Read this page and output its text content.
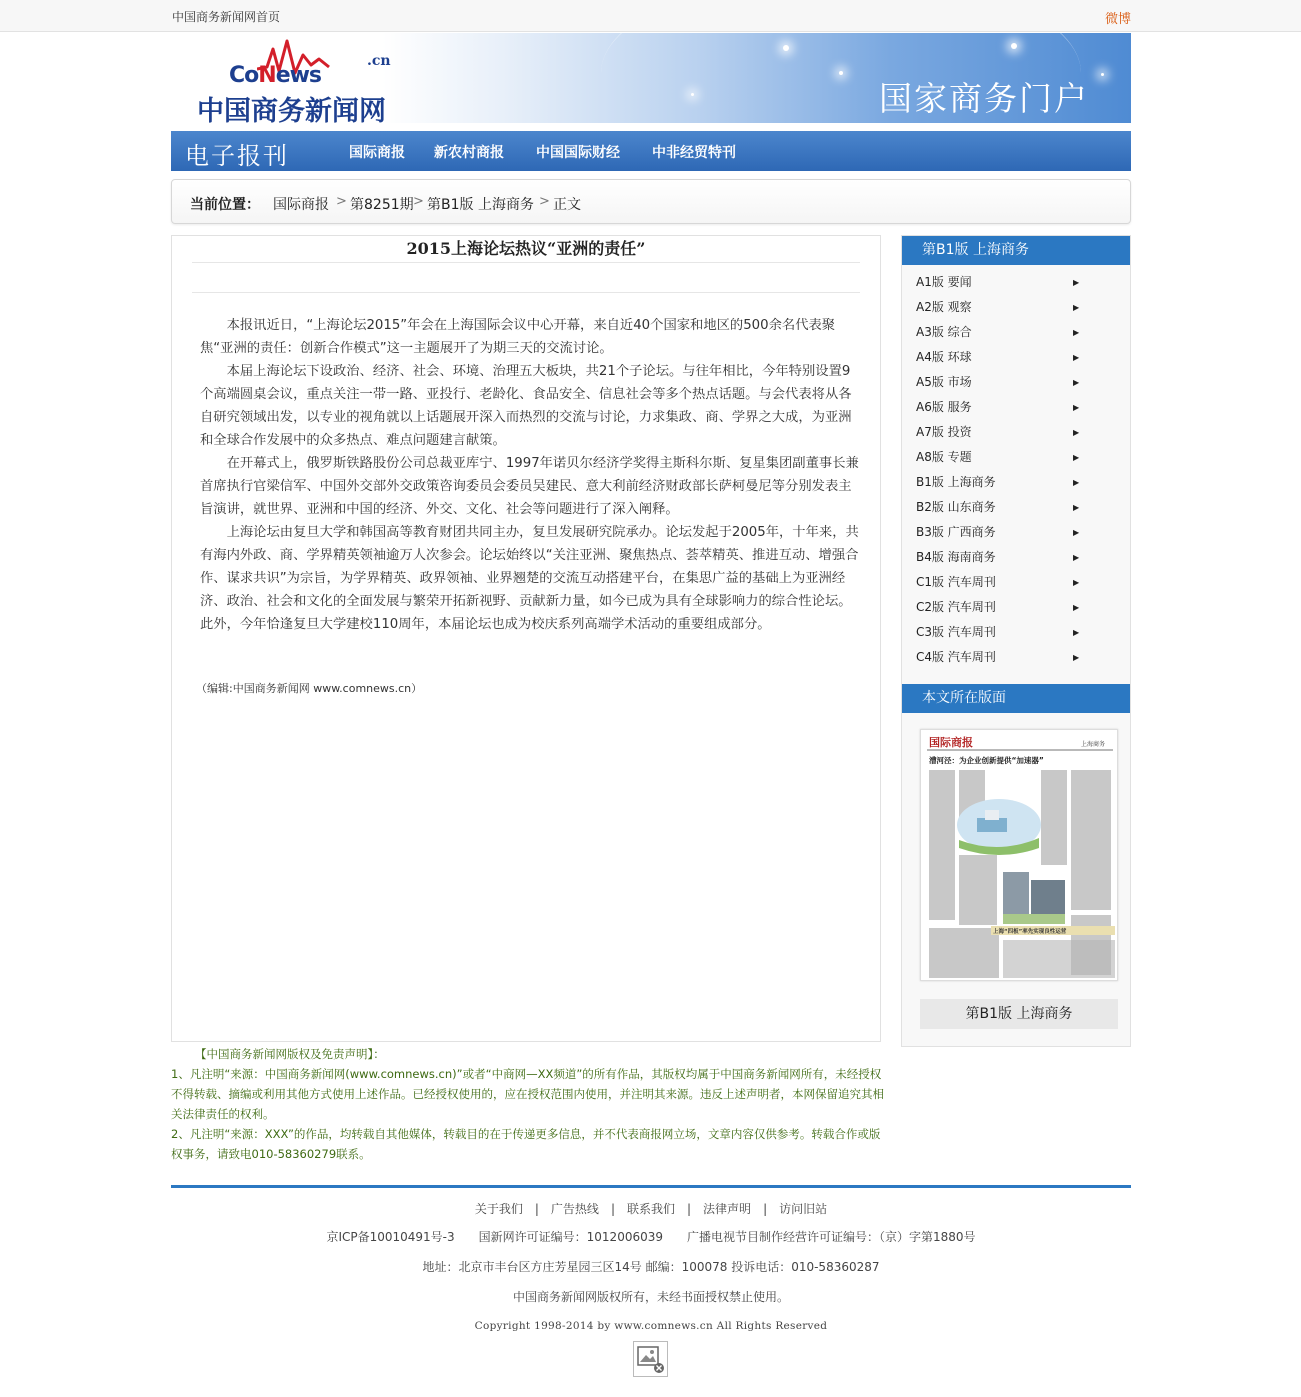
中国商务新闻网首页	微博
.cn
CoNews
中国商务新闻网	国家商务门户
电子报刊	国际商报 新农村商报 中国国际财经 中非经贸特刊
当前位置： 国际商报 > 第8251期 > 第B1版 上海商务 > 正文
2015上海论坛热议“亚洲的责任”

本报讯近日，“上海论坛2015”年会在上海国际会议中心开幕，来自近40个国家和地区的500余名代表聚焦“亚洲的责任：创新合作模式”这一主题展开了为期三天的交流讨论。

本届上海论坛下设政治、经济、社会、环境、治理五大板块，共21个子论坛。与往年相比，今年特别设置9个高端圆桌会议，重点关注一带一路、亚投行、老龄化、食品安全、信息社会等多个热点话题。与会代表将从各自研究领域出发，以专业的视角就以上话题展开深入而热烈的交流与讨论，力求集政、商、学界之大成，为亚洲和全球合作发展中的众多热点、难点问题建言献策。

在开幕式上，俄罗斯铁路股份公司总裁亚库宁、1997年诺贝尔经济学奖得主斯科尔斯、复星集团副董事长兼首席执行官梁信军、中国外交部外交政策咨询委员会委员吴建民、意大利前经济财政部长萨柯曼尼等分别发表主旨演讲，就世界、亚洲和中国的经济、外交、文化、社会等问题进行了深入阐释。

上海论坛由复旦大学和韩国高等教育财团共同主办，复旦发展研究院承办。论坛发起于2005年，十年来，共有海内外政、商、学界精英领袖逾万人次参会。论坛始终以“关注亚洲、聚焦热点、荟萃精英、推进互动、增强合作、谋求共识”为宗旨，为学界精英、政界领袖、业界翘楚的交流互动搭建平台，在集思广益的基础上为亚洲经济、政治、社会和文化的全面发展与繁荣开拓新视野、贡献新力量，如今已成为具有全球影响力的综合性论坛。此外，今年恰逢复旦大学建校110周年，本届论坛也成为校庆系列高端学术活动的重要组成部分。

（编辑:中国商务新闻网 www.comnews.cn）
【中国商务新闻网版权及免责声明】：
1、凡注明“来源：中国商务新闻网(www.comnews.cn)”或者“中商网—XX频道”的所有作品，其版权均属于中国商务新闻网所有，未经授权不得转载、摘编或利用其他方式使用上述作品。已经授权使用的，应在授权范围内使用，并注明其来源。违反上述声明者，本网保留追究其相关法律责任的权利。
2、凡注明“来源：XXX”的作品，均转载自其他媒体，转载目的在于传递更多信息，并不代表商报网立场，文章内容仅供参考。转载合作或版权事务，请致电010-58360279联系。
第B1版 上海商务
A1版 要闻	▶
A2版 观察	▶
A3版 综合	▶
A4版 环球	▶
A5版 市场	▶
A6版 服务	▶
A7版 投资	▶
A8版 专题	▶
B1版 上海商务	▶
B2版 山东商务	▶
B3版 广西商务	▶
B4版 海南商务	▶
C1版 汽车周刊	▶
C2版 汽车周刊	▶
C3版 汽车周刊	▶
C4版 汽车周刊	▶
本文所在版面
国际商报	上海商务
漕河泾：为企业创新提供“加速器”
上海“四板”率先实现良性运营
第B1版 上海商务
关于我们 | 广告热线 | 联系我们 | 法律声明 | 访问旧站
京ICP备10010491号-3　　国新网许可证编号：1012006039　　广播电视节目制作经营许可证编号：（京）字第1880号
地址：北京市丰台区方庄芳星园三区14号 邮编：100078 投诉电话：010-58360287
中国商务新闻网版权所有，未经书面授权禁止使用。
Copyright 1998-2014 by www.comnews.cn All Rights Reserved
